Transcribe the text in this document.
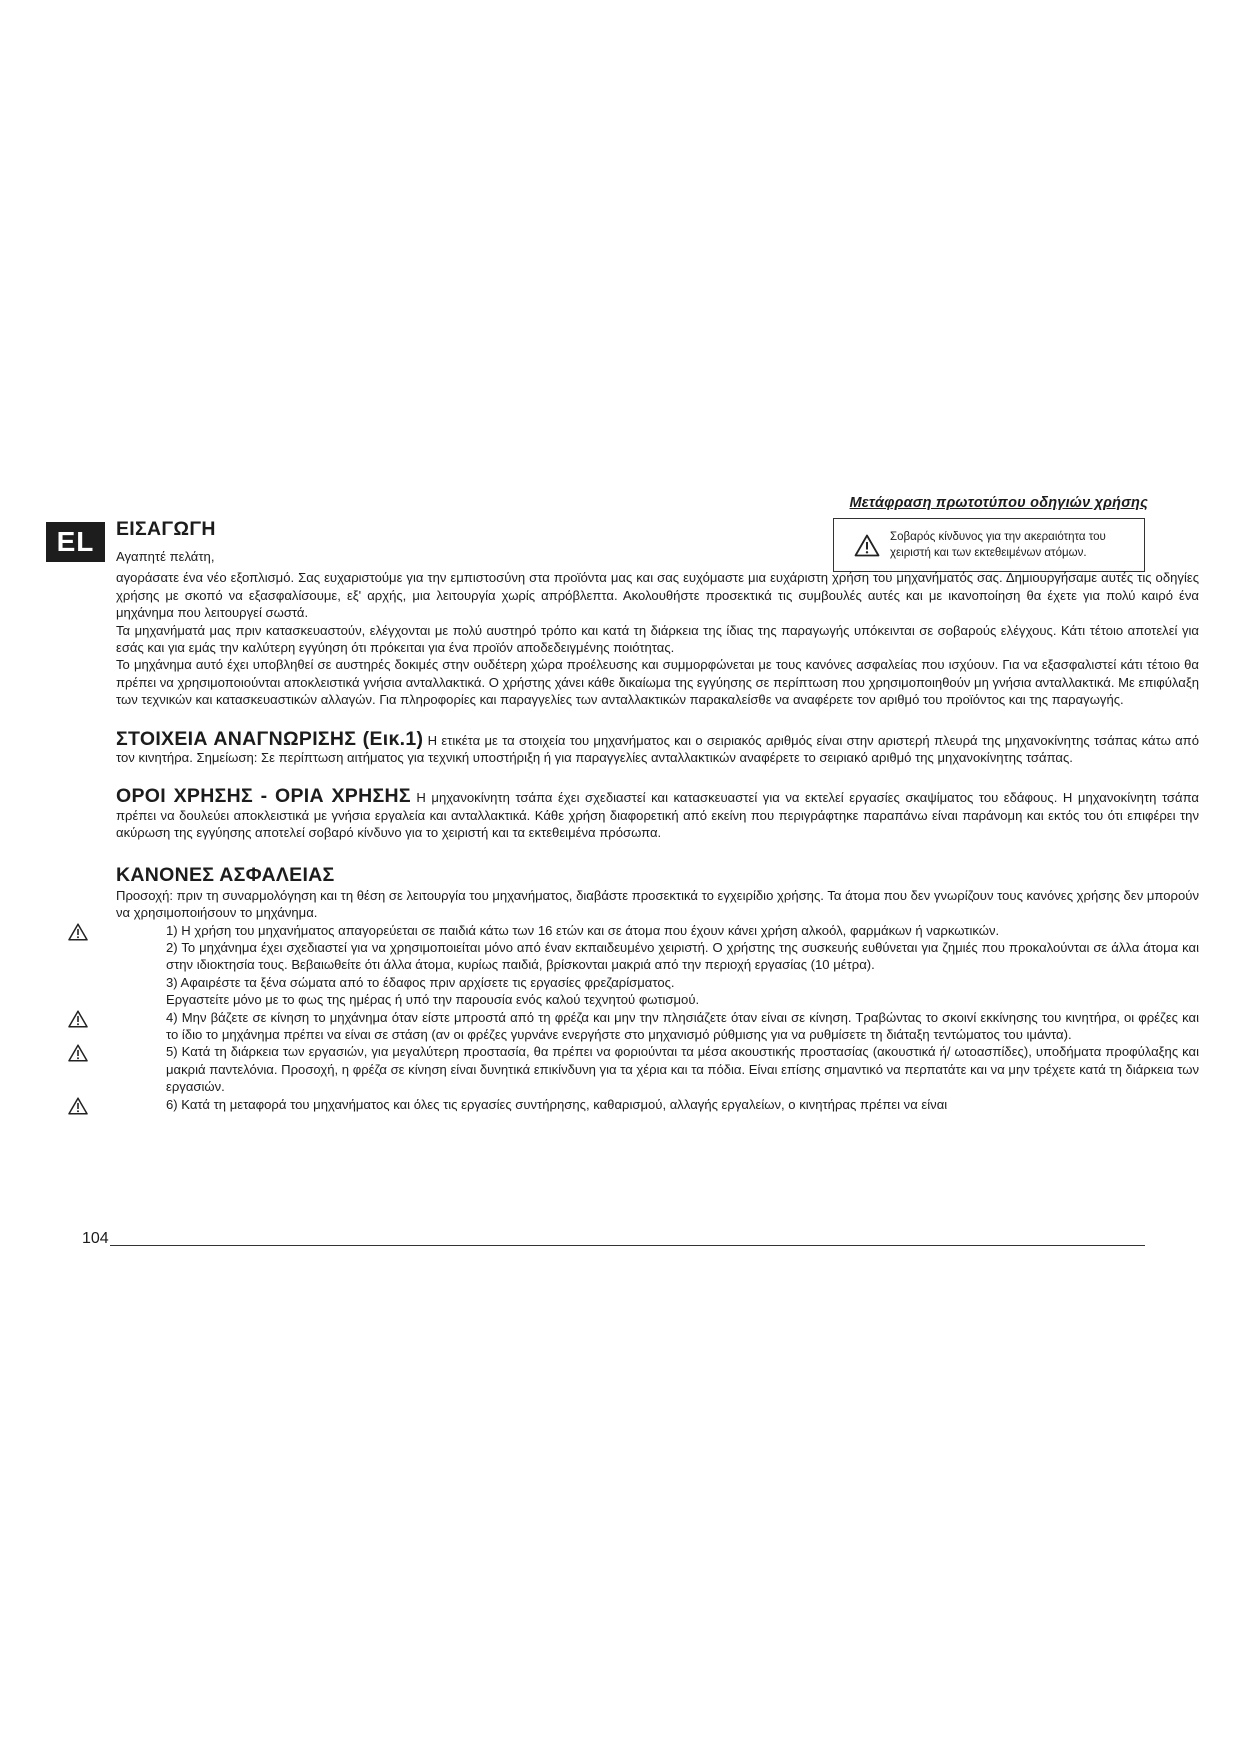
Μετάφραση πρωτοτύπου οδηγιών χρήσης
EL	Σοβαρός κίνδυνος για την ακεραιότητα του χειριστή και των εκτεθειμένων ατόμων.
ΕΙΣΑΓΩΓΗ

Αγαπητέ πελάτη,

αγοράσατε ένα νέο εξοπλισμό. Σας ευχαριστούμε για την εμπιστοσύνη στα προϊόντα μας και σας ευχόμαστε μια ευχάριστη χρήση του μηχανήματός σας. Δημιουργήσαμε αυτές τις οδηγίες χρήσης με σκοπό να εξασφαλίσουμε, εξ' αρχής, μια λειτουργία χωρίς απρόβλεπτα. Ακολουθήστε προσεκτικά τις συμβουλές αυτές και με ικανοποίηση θα έχετε για πολύ καιρό ένα μηχάνημα που λειτουργεί σωστά.

Τα μηχανήματά μας πριν κατασκευαστούν, ελέγχονται με πολύ αυστηρό τρόπο και κατά τη διάρκεια της ίδιας της παραγωγής υπόκεινται σε σοβαρούς ελέγχους. Κάτι τέτοιο αποτελεί για εσάς και για εμάς την καλύτερη εγγύηση ότι πρόκειται για ένα προϊόν αποδεδειγμένης ποιότητας.

Το μηχάνημα αυτό έχει υποβληθεί σε αυστηρές δοκιμές στην ουδέτερη χώρα προέλευσης και συμμορφώνεται με τους κανόνες ασφαλείας που ισχύουν. Για να εξασφαλιστεί κάτι τέτοιο θα πρέπει να χρησιμοποιούνται αποκλειστικά γνήσια ανταλλακτικά. Ο χρήστης χάνει κάθε δικαίωμα της εγγύησης σε περίπτωση που χρησιμοποιηθούν μη γνήσια ανταλλακτικά. Με επιφύλαξη των τεχνικών και κατασκευαστικών αλλαγών. Για πληροφορίες και παραγγελίες των ανταλλακτικών παρακαλείσθε να αναφέρετε τον αριθμό του προϊόντος και της παραγωγής.

ΣΤΟΙΧΕΙΑ ΑΝΑΓΝΩΡΙΣΗΣ (Εικ.1) Η ετικέτα με τα στοιχεία του μηχανήματος και ο σειριακός αριθμός είναι στην αριστερή πλευρά της μηχανοκίνητης τσάπας κάτω από τον κινητήρα. Σημείωση: Σε περίπτωση αιτήματος για τεχνική υποστήριξη ή για παραγγελίες ανταλλακτικών αναφέρετε το σειριακό αριθμό της μηχανοκίνητης τσάπας.

ΟΡΟΙ ΧΡΗΣΗΣ - ΟΡΙΑ ΧΡΗΣΗΣ Η μηχανοκίνητη τσάπα έχει σχεδιαστεί και κατασκευαστεί για να εκτελεί εργασίες σκαψίματος του εδάφους. Η μηχανοκίνητη τσάπα πρέπει να δουλεύει αποκλειστικά με γνήσια εργαλεία και ανταλλακτικά. Κάθε χρήση διαφορετική από εκείνη που περιγράφτηκε παραπάνω είναι παράνομη και εκτός του ότι επιφέρει την ακύρωση της εγγύησης αποτελεί σοβαρό κίνδυνο για το χειριστή και τα εκτεθειμένα πρόσωπα.

ΚΑΝΟΝΕΣ ΑΣΦΑΛΕΙΑΣ

Προσοχή: πριν τη συναρμολόγηση και τη θέση σε λειτουργία του μηχανήματος, διαβάστε προσεκτικά το εγχειρίδιο χρήσης. Τα άτομα που δεν γνωρίζουν τους κανόνες χρήσης δεν μπορούν να χρησιμοποιήσουν το μηχάνημα.

1) Η χρήση του μηχανήματος απαγορεύεται σε παιδιά κάτω των 16 ετών και σε άτομα που έχουν κάνει χρήση αλκοόλ, φαρμάκων ή ναρκωτικών.

2) Το μηχάνημα έχει σχεδιαστεί για να χρησιμοποιείται μόνο από έναν εκπαιδευμένο χειριστή. Ο χρήστης της συσκευής ευθύνεται για ζημιές που προκαλούνται σε άλλα άτομα και στην ιδιοκτησία τους. Βεβαιωθείτε ότι άλλα άτομα, κυρίως παιδιά, βρίσκονται μακριά από την περιοχή εργασίας (10 μέτρα).

3) Αφαιρέστε τα ξένα σώματα από το έδαφος πριν αρχίσετε τις εργασίες φρεζαρίσματος.

Εργαστείτε μόνο με το φως της ημέρας ή υπό την παρουσία ενός καλού τεχνητού φωτισμού.

4) Μην βάζετε σε κίνηση το μηχάνημα όταν είστε μπροστά από τη φρέζα και μην την πλησιάζετε όταν είναι σε κίνηση. Τραβώντας το σκοινί εκκίνησης του κινητήρα, οι φρέζες και το ίδιο το μηχάνημα πρέπει να είναι σε στάση (αν οι φρέζες γυρνάνε ενεργήστε στο μηχανισμό ρύθμισης για να ρυθμίσετε τη διάταξη τεντώματος του ιμάντα).

5) Κατά τη διάρκεια των εργασιών, για μεγαλύτερη προστασία, θα πρέπει να φοριούνται τα μέσα ακουστικής προστασίας (ακουστικά ή/ ωτοασπίδες), υποδήματα προφύλαξης και μακριά παντελόνια. Προσοχή, η φρέζα σε κίνηση είναι δυνητικά επικίνδυνη για τα χέρια και τα πόδια. Είναι επίσης σημαντικό να περπατάτε και να μην τρέχετε κατά τη διάρκεια των εργασιών.

6) Κατά τη μεταφορά του μηχανήματος και όλες τις εργασίες συντήρησης, καθαρισμού, αλλαγής εργαλείων, ο κινητήρας πρέπει να είναι

104
